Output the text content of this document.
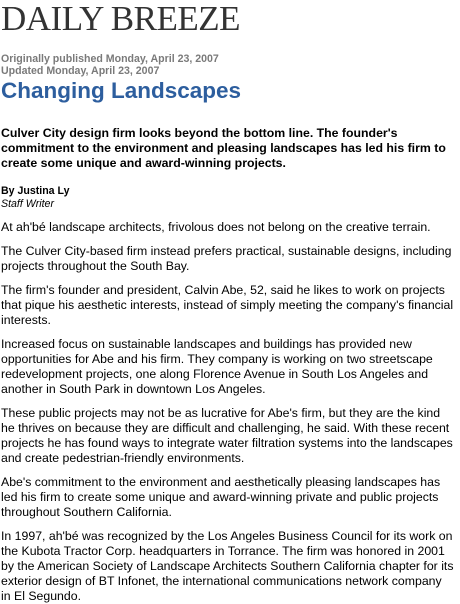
DAILY BREEZE
Originally published Monday, April 23, 2007
Updated Monday, April 23, 2007
Changing Landscapes
Culver City design firm looks beyond the bottom line. The founder's commitment to the environment and pleasing landscapes has led his firm to create some unique and award-winning projects.
By Justina Ly
Staff Writer

At ah'bé landscape architects, frivolous does not belong on the creative terrain.

The Culver City-based firm instead prefers practical, sustainable designs, including projects throughout the South Bay.

The firm's founder and president, Calvin Abe, 52, said he likes to work on projects that pique his aesthetic interests, instead of simply meeting the company's financial interests.

Increased focus on sustainable landscapes and buildings has provided new opportunities for Abe and his firm. They company is working on two streetscape redevelopment projects, one along Florence Avenue in South Los Angeles and another in South Park in downtown Los Angeles.

These public projects may not be as lucrative for Abe's firm, but they are the kind he thrives on because they are difficult and challenging, he said. With these recent projects he has found ways to integrate water filtration systems into the landscapes and create pedestrian-friendly environments.

Abe's commitment to the environment and aesthetically pleasing landscapes has led his firm to create some unique and award-winning private and public projects throughout Southern California.

In 1997, ah'bé was recognized by the Los Angeles Business Council for its work on the Kubota Tractor Corp. headquarters in Torrance. The firm was honored in 2001 by the American Society of Landscape Architects Southern California chapter for its exterior design of BT Infonet, the international communications network company in El Segundo.
